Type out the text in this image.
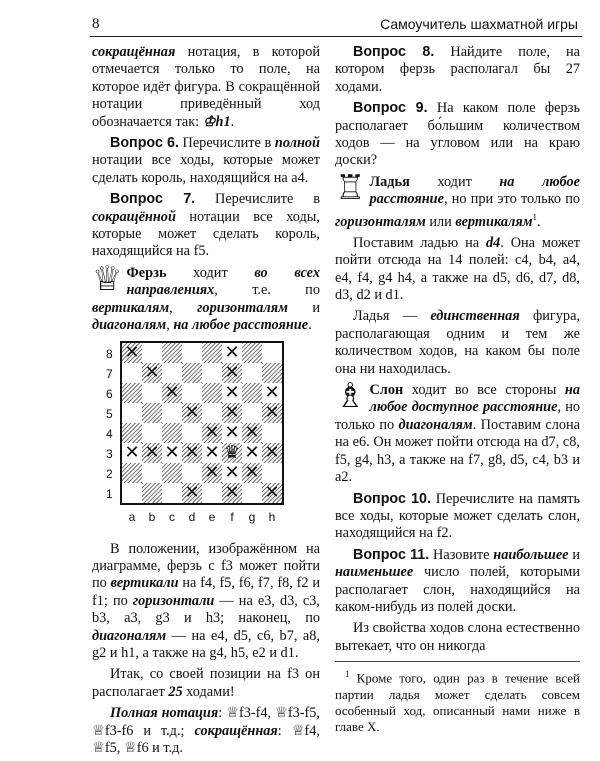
8	Самоучитель шахматной игры

сокращённая нотация, в которой отмечается только то поле, на которое идёт фигура. В сокращённой нотации приведённый ход обозначается так: ♔h1.

Вопрос 6. Перечислите в полной нотации все ходы, которые может сделать король, находящийся на a4.

Вопрос 7. Перечислите в сокращённой нотации все ходы, которые может сделать король, находящийся на f5.

♕ Ферзь ходит во всех направлениях, т.е. по вертикалям, горизонталям и диагоналям, на любое расстояние.

✕	✕
✕	✕
✕ ✕ ✕
✕ ✕ ✕
✕ ✕ ✕
✕ ✕ ✕ ✕ ✕ ♛ ✕ ✕
✕ ✕ ✕
✕ ✕ ✕
8
7
6
5
4
3
2
1
a	b	c	d	e	f	g	h

В положении, изображённом на диаграмме, ферзь с f3 может пойти по вертикали на f4, f5, f6, f7, f8, f2 и f1; по горизонтали — на e3, d3, c3, b3, a3, g3 и h3; наконец, по диагоналям — на e4, d5, c6, b7, a8, g2 и h1, а также на g4, h5, e2 и d1.

Итак, со своей позиции на f3 он располагает 25 ходами!

Полная нотация: ♕f3-f4, ♕f3-f5, ♕f3-f6 и т.д.; сокращённая: ♕f4, ♕f5, ♕f6 и т.д.

Вопрос 8. Найдите поле, на котором ферзь располагал бы 27 ходами.

Вопрос 9. На каком поле ферзь располагает бо́льшим количеством ходов — на угловом или на краю доски?

♖ Ладья ходит на любое расстояние, но при это только по горизонталям или вертикалям$^1$.

Поставим ладью на d4. Она может пойти отсюда на 14 полей: c4, b4, a4, e4, f4, g4 h4, а также на d5, d6, d7, d8, d3, d2 и d1.

Ладья — единственная фигура, располагающая одним и тем же количеством ходов, на каком бы поле она ни находилась.

♗ Слон ходит во все стороны на любое доступное расстояние, но только по диагоналям. Поставим слона на e6. Он может пойти отсюда на d7, c8, f5, g4, h3, а также на f7, g8, d5, c4, b3 и a2.

Вопрос 10. Перечислите на память все ходы, которые может сделать слон, находящийся на f2.

Вопрос 11. Назовите наибольшее и наименьшее число полей, которыми располагает слон, находящийся на каком-нибудь из полей доски.

Из свойства ходов слона естественно вытекает, что он никогда

$^1$ Кроме того, один раз в течение всей партии ладья может сделать совсем особенный ход, описанный нами ниже в главе X.
